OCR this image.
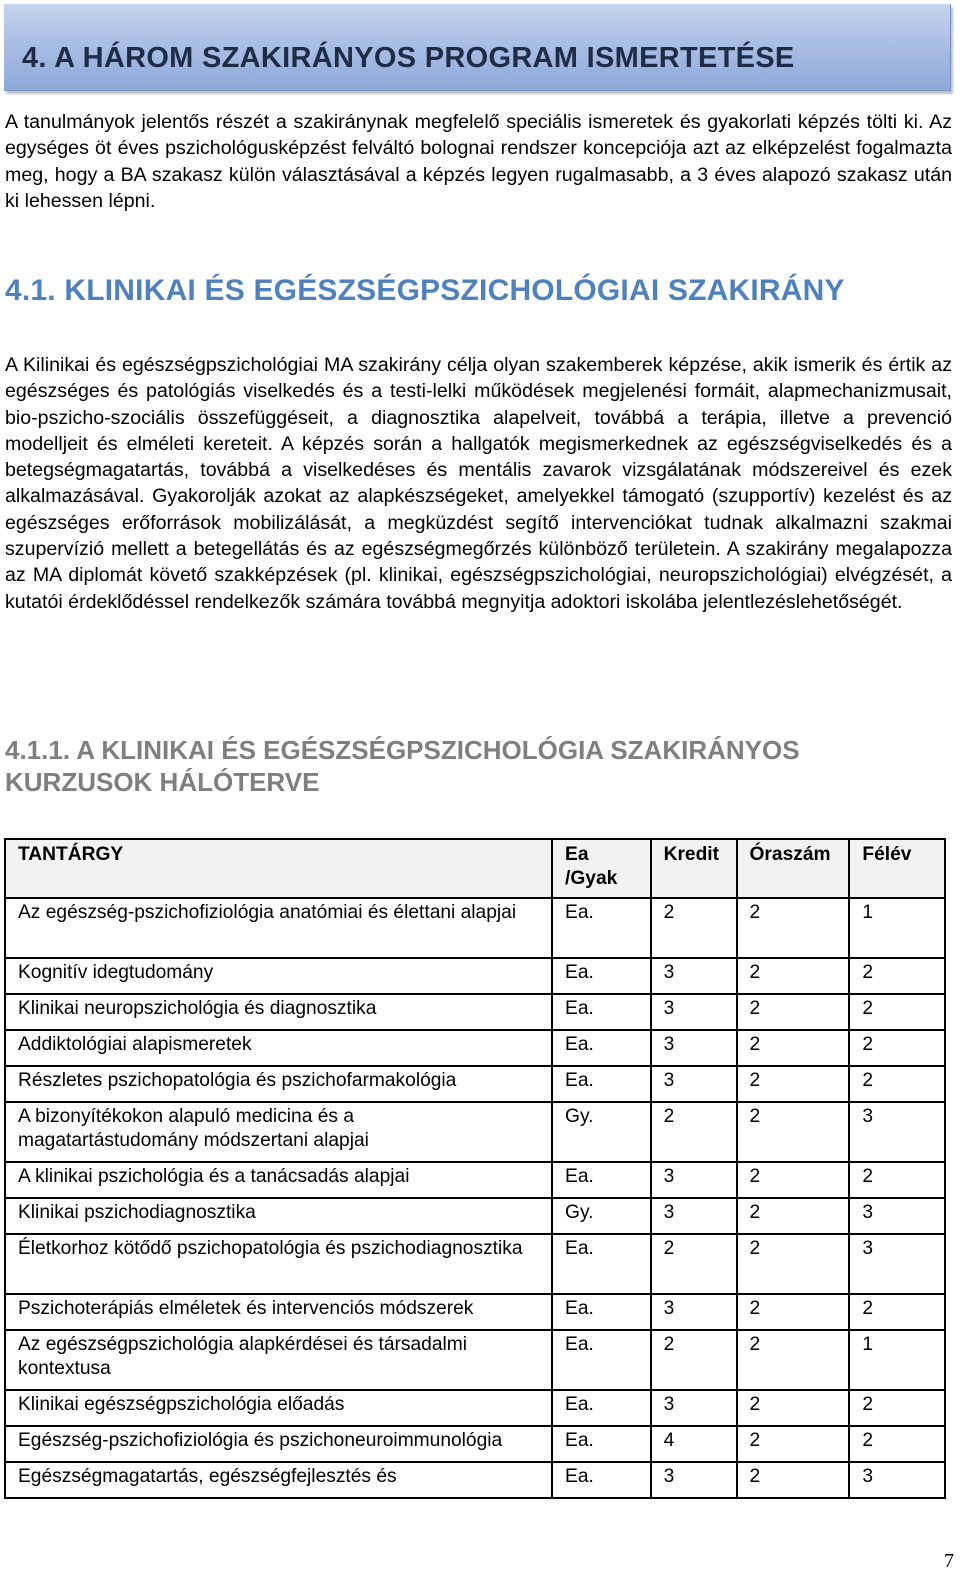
4. A HÁROM SZAKIRÁNYOS PROGRAM ISMERTETÉSE

A tanulmányok jelentős részét a szakiránynak megfelelő speciális ismeretek és gyakorlati képzés tölti ki. Az egységes öt éves pszichológusképzést felváltó bolognai rendszer koncepciója azt az elképzelést fogalmazta meg, hogy a BA szakasz külön választásával a képzés legyen rugalmasabb, a 3 éves alapozó szakasz után ki lehessen lépni.

4.1. KLINIKAI ÉS EGÉSZSÉGPSZICHOLÓGIAI SZAKIRÁNY

A Kilinikai és egészségpszichológiai MA szakirány célja olyan szakemberek képzése, akik ismerik és értik az egészséges és patológiás viselkedés és a testi-lelki működések megjelenési formáit, alapmechanizmusait, bio-pszicho-szociális összefüggéseit, a diagnosztika alapelveit, továbbá a terápia, illetve a prevenció modelljeit és elméleti kereteit. A képzés során a hallgatók megismerkednek az egészségviselkedés és a betegségmagatartás, továbbá a viselkedéses és mentális zavarok vizsgálatának módszereivel és ezek alkalmazásával. Gyakorolják azokat az alapkészségeket, amelyekkel támogató (szupportív) kezelést és az egészséges erőforrások mobilizálását, a megküzdést segítő intervenciókat tudnak alkalmazni szakmai szupervízió mellett a betegellátás és az egészségmegőrzés különböző területein. A szakirány megalapozza az MA diplomát követő szakképzések (pl. klinikai, egészségpszichológiai, neuropszichológiai) elvégzését, a kutatói érdeklődéssel rendelkezők számára továbbá megnyitja adoktori iskolába jelentlezéslehetőségét.

4.1.1. A KLINIKAI ÉS EGÉSZSÉGPSZICHOLÓGIA SZAKIRÁNYOS KURZUSOK HÁLÓTERVE
TANTÁRGY	Ea /Gyak	Kredit	Óraszám	Félév
Az egészség-pszichofiziológia anatómiai és élettani alapjai	Ea.	2	2	1
Kognitív idegtudomány	Ea.	3	2	2
Klinikai neuropszichológia és diagnosztika	Ea.	3	2	2
Addiktológiai alapismeretek	Ea.	3	2	2
Részletes pszichopatológia és pszichofarmakológia	Ea.	3	2	2
A bizonyítékokon alapuló medicina és a magatartástudomány módszertani alapjai	Gy.	2	2	3
A klinikai pszichológia és a tanácsadás alapjai	Ea.	3	2	2
Klinikai pszichodiagnosztika	Gy.	3	2	3
Életkorhoz kötődő pszichopatológia és pszichodiagnosztika	Ea.	2	2	3
Pszichoterápiás elméletek és intervenciós módszerek	Ea.	3	2	2
Az egészségpszichológia alapkérdései és társadalmi kontextusa	Ea.	2	2	1
Klinikai egészségpszichológia előadás	Ea.	3	2	2
Egészség-pszichofiziológia és pszichoneuroimmunológia	Ea.	4	2	2
Egészségmagatartás, egészségfejlesztés és	Ea.	3	2	3
7
